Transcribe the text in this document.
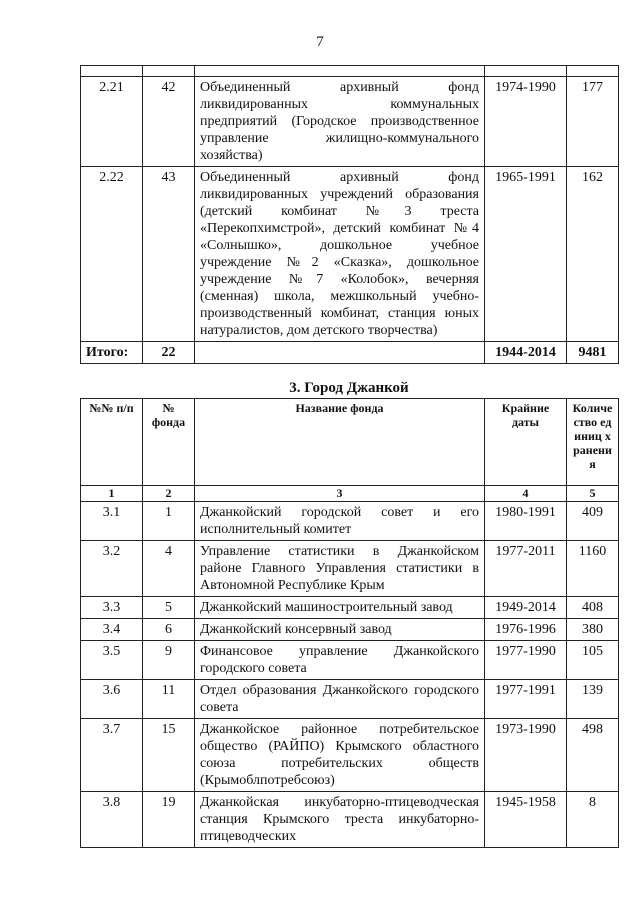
7

2.21	42	Объединенный архивный фонд ликвидированных коммунальных предприятий (Городское производственное управление жилищно-коммунального хозяйства)	1974-1990	177
2.22	43	Объединенный архивный фонд ликвидированных учреждений образования (детский комбинат №3 треста «Перекопхимстрой», детский комбинат №4 «Солнышко», дошкольное учебное учреждение №2 «Сказка», дошкольное учреждение №7 «Колобок», вечерняя (сменная) школа, межшкольный учебно-производственный комбинат, станция юных натуралистов, дом детского творчества)	1965-1991	162
Итого:	22		1944-2014	9481
3. Город Джанкой
№№ п/п	№ фонда	Название фонда	Крайние даты	Количество единиц хранения
1	2	3	4	5
3.1	1	Джанкойский городской совет и его исполнительный комитет	1980-1991	409
3.2	4	Управление статистики в Джанкойском районе Главного Управления статистики в Автономной Республике Крым	1977-2011	1160
3.3	5	Джанкойский машиностроительный завод	1949-2014	408
3.4	6	Джанкойский консервный завод	1976-1996	380
3.5	9	Финансовое управление Джанкойского городского совета	1977-1990	105
3.6	11	Отдел образования Джанкойского городского совета	1977-1991	139
3.7	15	Джанкойское районное потребительское общество (РАЙПО) Крымского областного союза потребительских обществ (Крымоблпотребсоюз)	1973-1990	498
3.8	19	Джанкойская инкубаторно-птицеводческая станция Крымского треста инкубаторно-птицеводческих	1945-1958	8
